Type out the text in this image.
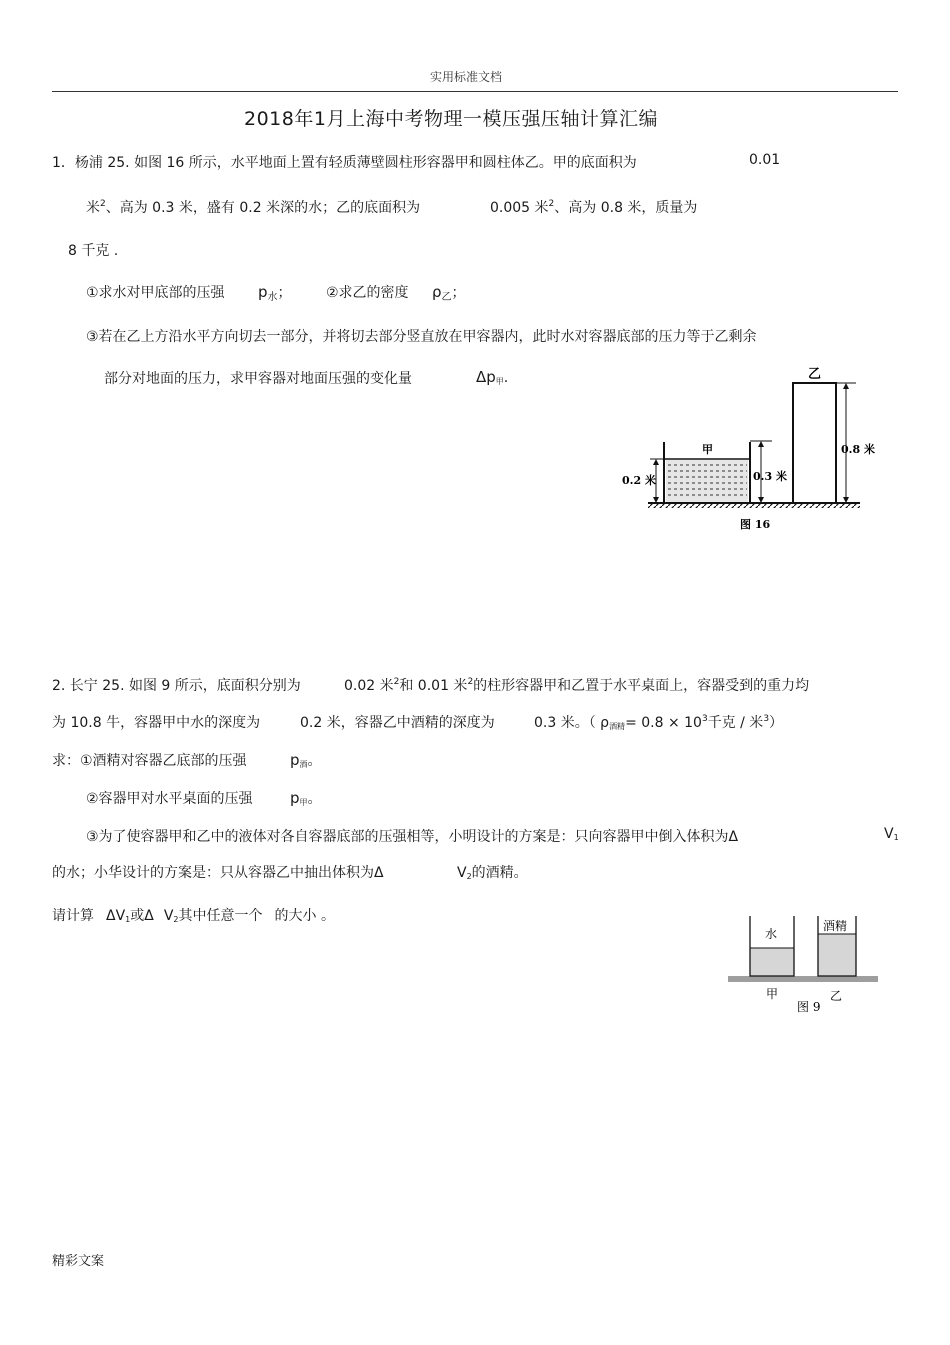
实用标准文档
2018年1月上海中考物理一模压强压轴计算汇编
1．杨浦 25. 如图 16 所示，水平地面上置有轻质薄壁圆柱形容器甲和圆柱体乙。甲的底面积为	0.01
米$^2$、高为 0.3 米，盛有 0.2 米深的水；乙的底面积为	0.005 米$^2$、高为 0.8 米，质量为
8 千克 .
①求水对甲底部的压强 $p_水$； ②求乙的密度 $\rho_乙$；
③若在乙上方沿水平方向切去一部分，并将切去部分竖直放在甲容器内，此时水对容器底部的压力等于乙剩余
部分对地面的压力，求甲容器对地面压强的变化量	Δp甲.
0.2 米
甲
0.3 米
乙
0.8 米
图 16
2. 长宁 25. 如图 9 所示，底面积分别为	0.02 米$^2$和 0.01 米$^2$的柱形容器甲和乙置于水平桌面上，容器受到的重力均
为 10.8 牛，容器甲中水的深度为	0.2 米，容器乙中酒精的深度为	0.3 米。（ ρ酒精= $0.8 \times 10^3$千克 / 米$^3$）
求：①酒精对容器乙底部的压强	p酒。
②容器甲对水平桌面的压强 p甲。
③为了使容器甲和乙中的液体对各自容器底部的压强相等，小明设计的方案是：只向容器甲中倒入体积为Δ	V1
的水；小华设计的方案是：只从容器乙中抽出体积为Δ	V2的酒精。
请计算 ΔV1或Δ V2其中任意一个 的大小 。
水
酒精
甲	乙
图 9
精彩文案
